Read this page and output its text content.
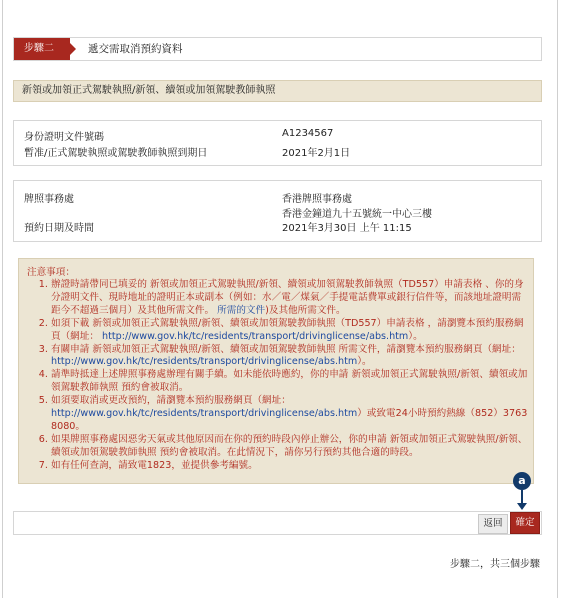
步驟二	遞交需取消預約資料
新領或加領正式駕駛執照/新領、續領或加領駕駛教師執照
身份證明文件號碼	A1234567
暫准/正式駕駛執照或駕駛教師執照到期日	2021年2月1日
牌照事務處	香港牌照事務處
香港金鐘道九十五號統一中心三樓
預約日期及時間	2021年3月30日 上午 11:15
注意事項：
1. 辦證時請帶同已填妥的 新領或加領正式駕駛執照/新領、續領或加領駕駛教師執照（TD557）申請表格 、你的身分證明文件、現時地址的證明正本或副本（例如：水／電／煤氣／手提電話費單或銀行信件等，而該地址證明需距今不超過三個月）及其他所需文件。 所需的文件)及其他所需文件。
2. 如須下載 新領或加領正式駕駛執照/新領、續領或加領駕駛教師執照（TD557）申請表格 ，請瀏覽本預約服務網頁（網址： http://www.gov.hk/tc/residents/transport/drivinglicense/abs.htm）。
3. 有關申請 新領或加領正式駕駛執照/新領、續領或加領駕駛教師執照 所需文件，請瀏覽本預約服務網頁（網址： http://www.gov.hk/tc/residents/transport/drivinglicense/abs.htm）。
4. 請準時抵達上述牌照事務處辦理有關手續。如未能依時應約，你的申請 新領或加領正式駕駛執照/新領、續領或加領駕駛教師執照 預約會被取消。
5. 如須要取消或更改預約，請瀏覽本預約服務網頁（網址： http://www.gov.hk/tc/residents/transport/drivinglicense/abs.htm）或致電24小時預約熱線（852）3763 8080。
6. 如果牌照事務處因惡劣天氣或其他原因而在你的預約時段內停止辦公，你的申請 新領或加領正式駕駛執照/新領、續領或加領駕駛教師執照 預約會被取消。在此情況下，請你另行預約其他合適的時段。
7. 如有任何查詢，請致電1823，並提供參考編號。
a
返回	確定
步驟二，共三個步驟
